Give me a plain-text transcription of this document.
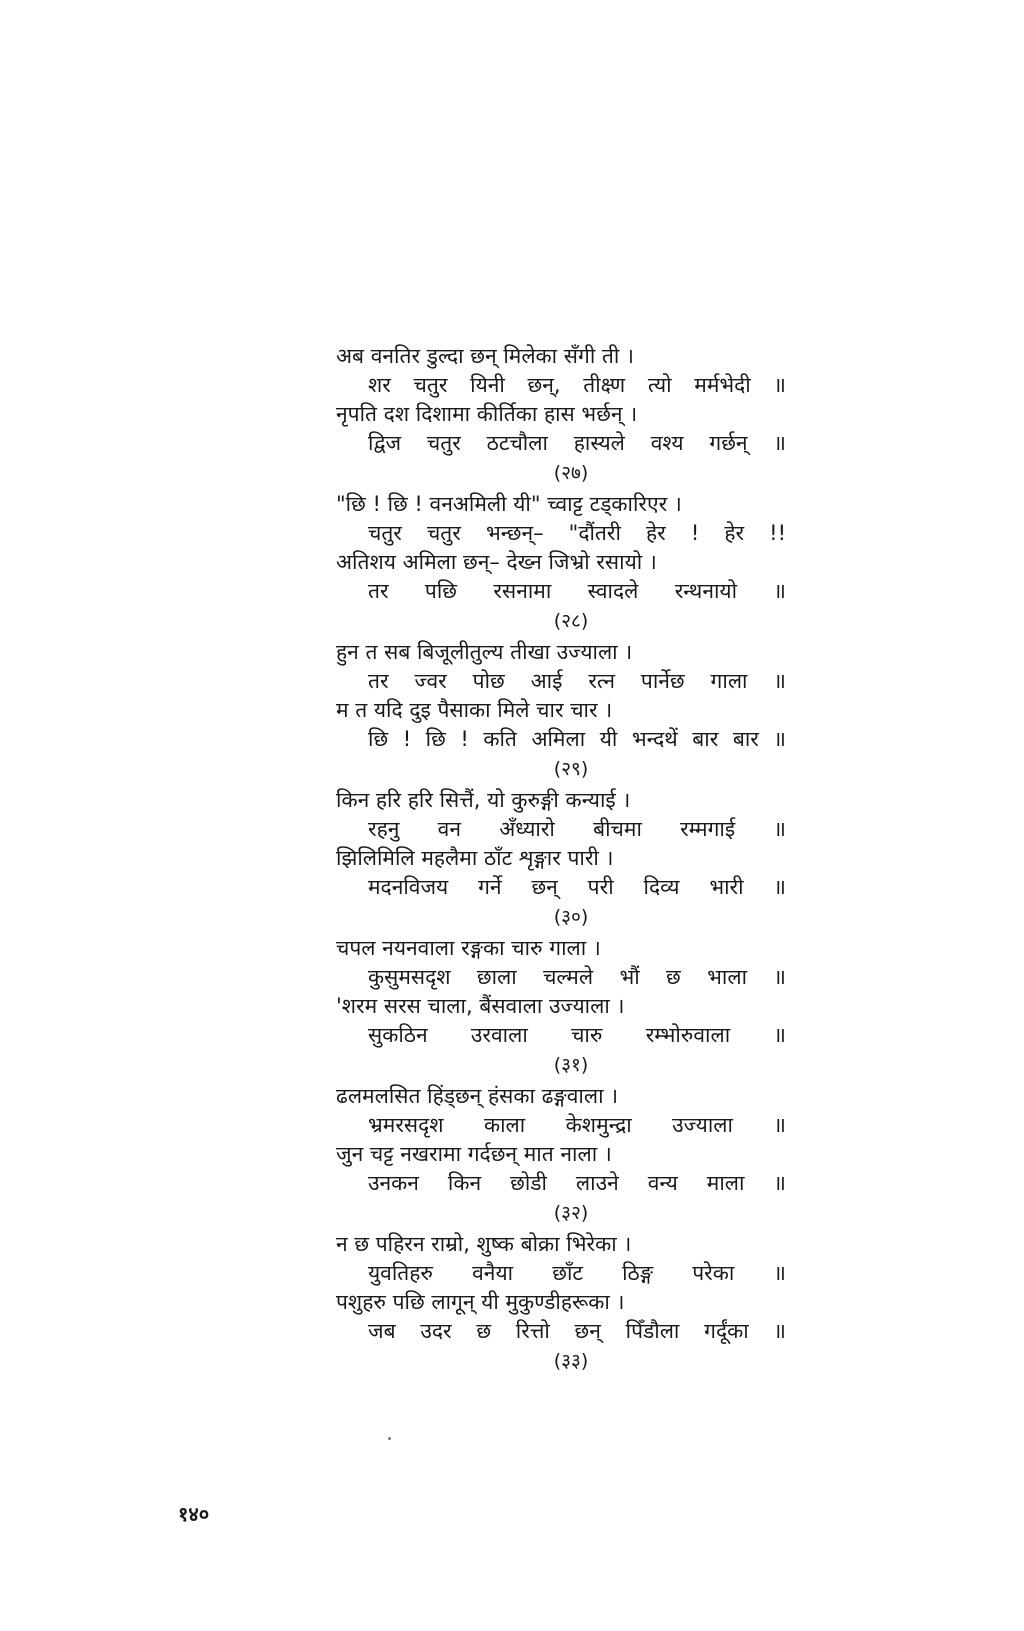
अब वनतिर डुल्दा छन् मिलेका सँगी ती ।
शर चतुर यिनी छन्, तीक्ष्ण त्यो मर्मभेदी ॥
नृपति दश दिशामा कीर्तिका हास भर्छन् ।
द्विज चतुर ठटचौला हास्यले वश्य गर्छन् ॥
(२७)
"छि ! छि ! वनअमिली यी" च्वाट्ट टड्कारिएर ।
चतुर चतुर भन्छन्– "दौंतरी हेर ! हेर !!
अतिशय अमिला छन्– देख्न जिभ्रो रसायो ।
तर पछि रसनामा स्वादले रन्थनायो ॥
(२८)
हुन त सब बिजूलीतुल्य तीखा उज्याला ।
तर ज्वर पोछ आई रत्न पार्नेछ गाला ॥
म त यदि दुइ पैसाका मिले चार चार ।
छि ! छि ! कति अमिला यी भन्दथें बार बार ॥
(२९)
किन हरि हरि सित्तैं, यो कुरुङ्गी कन्याई ।
रहनु वन अँध्यारो बीचमा रम्मगाई ॥
झिलिमिलि महलैमा ठाँट शृङ्गार पारी ।
मदनविजय गर्ने छन् परी दिव्य भारी ॥
(३०)
चपल नयनवाला रङ्गका चारु गाला ।
कुसुमसदृश छाला चल्मले भौं छ भाला ॥
'शरम सरस चाला, बैंसवाला उज्याला ।
सुकठिन उरवाला चारु रम्भोरुवाला ॥
(३१)
ढलमलसित हिंड्छन् हंसका ढङ्गवाला ।
भ्रमरसदृश काला केशमुन्द्रा उज्याला ॥
जुन चट्ट नखरामा गर्दछन् मात नाला ।
उनकन किन छोडी लाउने वन्य माला ॥
(३२)
न छ पहिरन राम्रो, शुष्क बोक्रा भिरेका ।
युवतिहरु वनैया छाँट ठिङ्ग परेका ॥
पशुहरु पछि लागून् यी मुकुण्डीहरूका ।
जब उदर छ रित्तो छन् पिँडौला गर्दूंका ॥
(३३)
१४०
